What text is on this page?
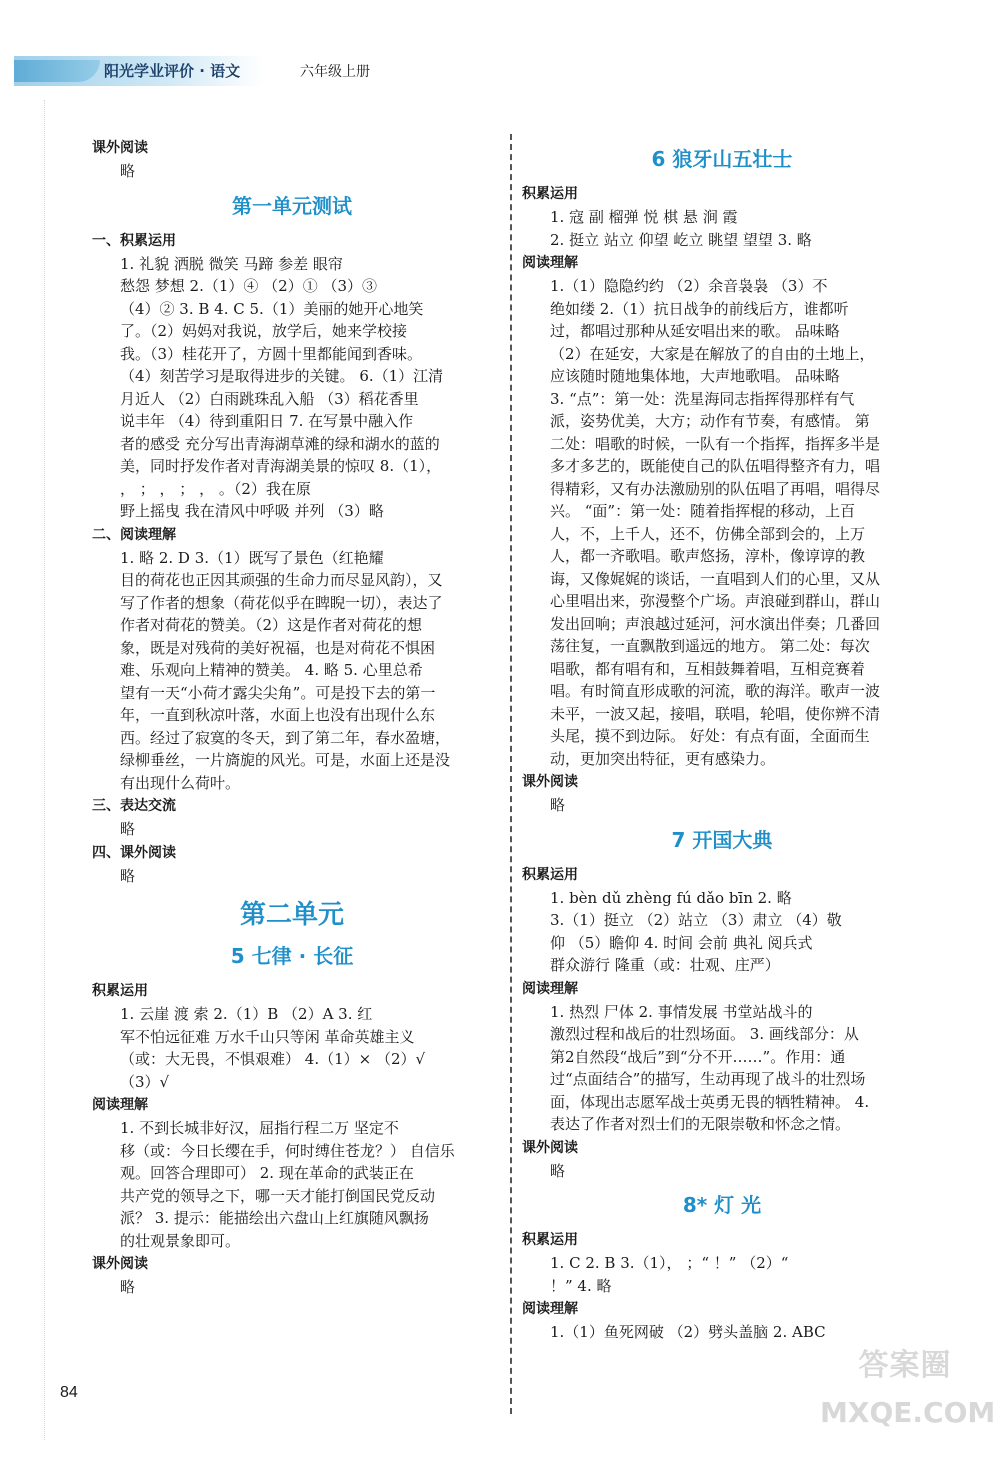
阳光学业评价 · 语文	六年级上册
课外阅读
略
第一单元测试
一、积累运用
1. 礼貌 洒脱 微笑 马蹄 参差 眼帘
愁怨 梦想 2.（1）④ （2）① （3）③
（4）② 3. B 4. C 5.（1）美丽的她开心地笑
了。（2）妈妈对我说，放学后，她来学校接
我。（3）桂花开了，方圆十里都能闻到香味。
（4）刻苦学习是取得进步的关键。 6.（1）江清
月近人 （2）白雨跳珠乱入船 （3）稻花香里
说丰年 （4）待到重阳日 7. 在写景中融入作
者的感受 充分写出青海湖草滩的绿和湖水的蓝的
美，同时抒发作者对青海湖美景的惊叹 8.（1），
， ； ， ； ， 。（2）我在原
野上摇曳 我在清风中呼吸 并列 （3）略
二、阅读理解
1. 略 2. D 3.（1）既写了景色（红艳耀
目的荷花也正因其顽强的生命力而尽显风韵），又
写了作者的想象（荷花似乎在睥睨一切），表达了
作者对荷花的赞美。（2）这是作者对荷花的想
象，既是对残荷的美好祝福，也是对荷花不惧困
难、乐观向上精神的赞美。 4. 略 5. 心里总希
望有一天“小荷才露尖尖角”。可是投下去的第一
年，一直到秋凉叶落，水面上也没有出现什么东
西。经过了寂寞的冬天，到了第二年，春水盈塘，
绿柳垂丝，一片旖旎的风光。可是，水面上还是没
有出现什么荷叶。
三、表达交流
略
四、课外阅读
略
第二单元
5 七律 · 长征
积累运用
1. 云崖 渡 索 2.（1）B （2）A 3. 红
军不怕远征难 万水千山只等闲 革命英雄主义
（或：大无畏，不惧艰难） 4.（1）× （2）√
（3）√
阅读理解
1. 不到长城非好汉，屈指行程二万 坚定不
移（或：今日长缨在手，何时缚住苍龙？） 自信乐
观。回答合理即可） 2. 现在革命的武装正在
共产党的领导之下，哪一天才能打倒国民党反动
派？ 3. 提示：能描绘出六盘山上红旗随风飘扬
的壮观景象即可。
课外阅读
略
6 狼牙山五壮士
积累运用
1. 寇 副 榴弹 悦 棋 悬 涧 霞
2. 挺立 站立 仰望 屹立 眺望 望望 3. 略
阅读理解
1.（1）隐隐约约 （2）余音袅袅 （3）不
绝如缕 2.（1）抗日战争的前线后方，谁都听
过，都唱过那种从延安唱出来的歌。 品味略
（2）在延安，大家是在解放了的自由的土地上，
应该随时随地集体地，大声地歌唱。 品味略
3. “点”：第一处：洗星海同志指挥得那样有气
派，姿势优美，大方；动作有节奏，有感情。 第
二处：唱歌的时候，一队有一个指挥，指挥多半是
多才多艺的，既能使自己的队伍唱得整齐有力，唱
得精彩，又有办法激励别的队伍唱了再唱，唱得尽
兴。 “面”：第一处：随着指挥棍的移动，上百
人，不，上千人，还不，仿佛全部到会的，上万
人，都一齐歌唱。歌声悠扬，淳朴，像谆谆的教
诲，又像娓娓的谈话，一直唱到人们的心里，又从
心里唱出来，弥漫整个广场。声浪碰到群山，群山
发出回响；声浪越过延河，河水演出伴奏；几番回
荡往复，一直飘散到遥远的地方。 第二处：每次
唱歌，都有唱有和，互相鼓舞着唱，互相竞赛着
唱。有时简直形成歌的河流，歌的海洋。歌声一波
未平，一波又起，接唱，联唱，轮唱，使你辨不清
头尾，摸不到边际。 好处：有点有面，全面而生
动，更加突出特征，更有感染力。
课外阅读
略
7 开国大典
积累运用
1. bèn dǔ zhèng fú dǎo bīn 2. 略
3.（1）挺立 （2）站立 （3）肃立 （4）敬
仰 （5）瞻仰 4. 时间 会前 典礼 阅兵式
群众游行 隆重（或：壮观、庄严）
阅读理解
1. 热烈 尸体 2. 事情发展 书堂站战斗的
激烈过程和战后的壮烈场面。 3. 画线部分：从
第2自然段“战后”到“分不开……”。作用：通
过“点面结合”的描写，生动再现了战斗的壮烈场
面，体现出志愿军战士英勇无畏的牺牲精神。 4.
表达了作者对烈士们的无限崇敬和怀念之情。
课外阅读
略
8* 灯 光
积累运用
1. C 2. B 3.（1）， ；“ ！” （2）“
！” 4. 略
阅读理解
1.（1）鱼死网破 （2）劈头盖脑 2. ABC
84
答案圈
MXQE.COM
